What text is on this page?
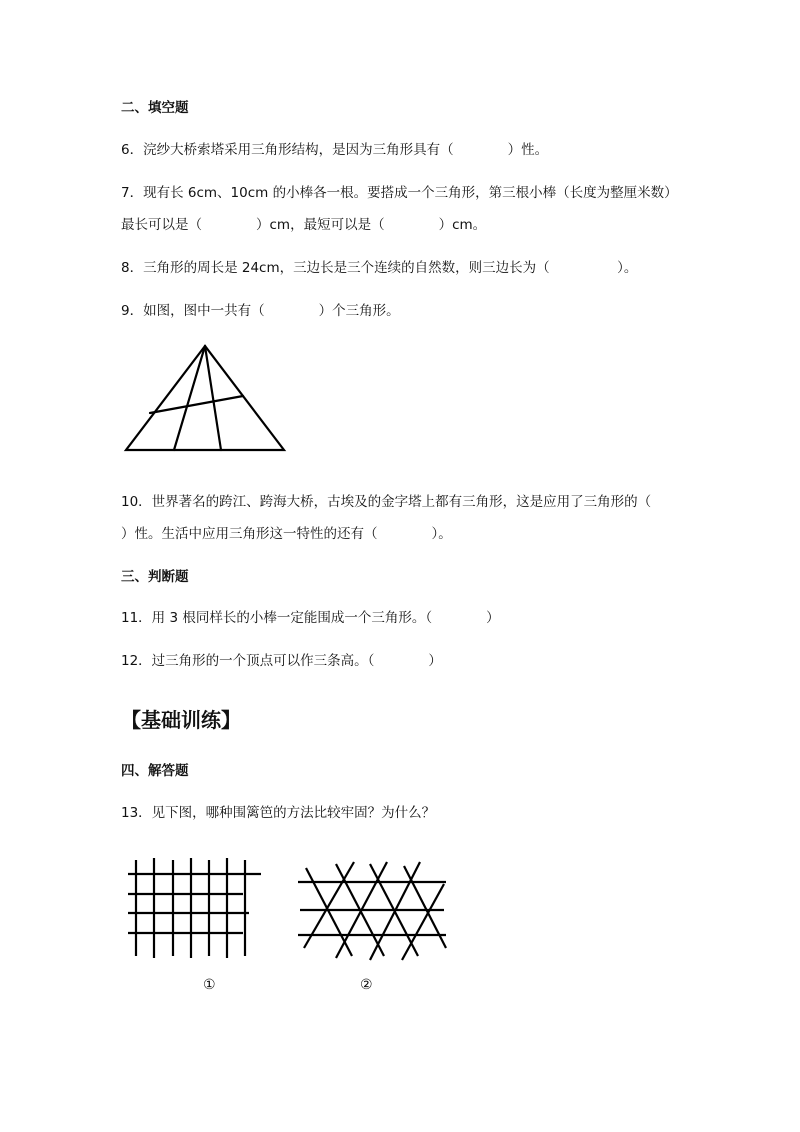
二、填空题
6．浣纱大桥索塔采用三角形结构，是因为三角形具有（　　　　）性。
7．现有长 6cm、10cm 的小棒各一根。要搭成一个三角形，第三根小棒（长度为整厘米数）
最长可以是（　　　　）cm，最短可以是（　　　　）cm。
8．三角形的周长是 24cm，三边长是三个连续的自然数，则三边长为（　　　　　）。
9．如图，图中一共有（　　　　）个三角形。
10．世界著名的跨江、跨海大桥，古埃及的金字塔上都有三角形，这是应用了三角形的（
）性。生活中应用三角形这一特性的还有（　　　　）。
三、判断题
11．用 3 根同样长的小棒一定能围成一个三角形。（　　　　）
12．过三角形的一个顶点可以作三条高。（　　　　）
【基础训练】
四、解答题
13．见下图，哪种围篱笆的方法比较牢固？为什么？
①	②
